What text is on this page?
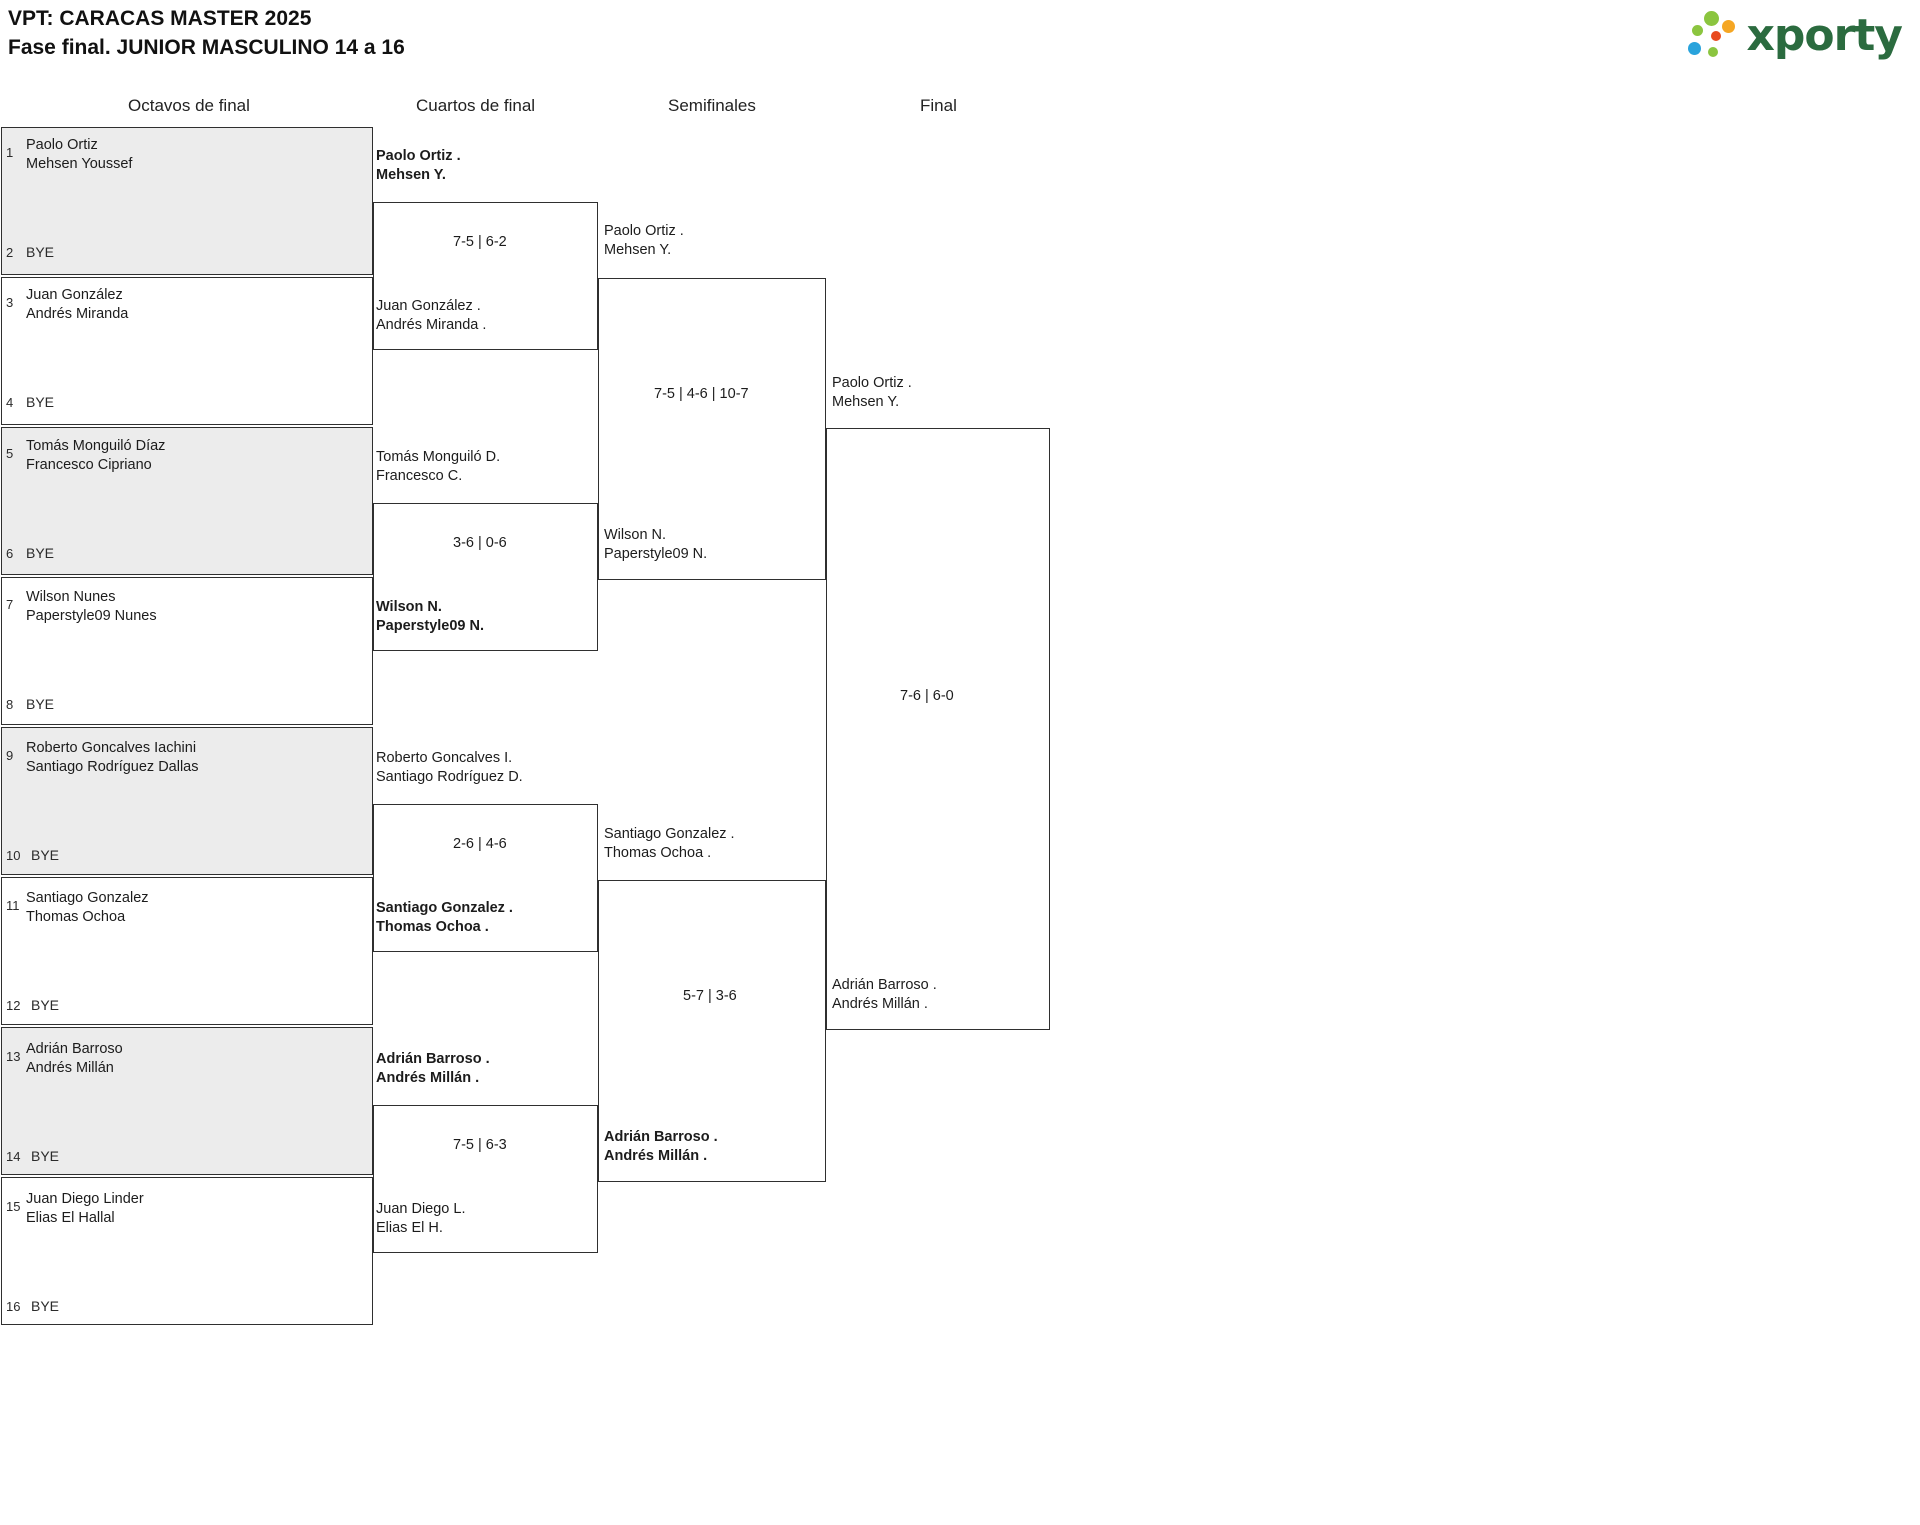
VPT: CARACAS MASTER 2025
Fase final. JUNIOR MASCULINO 14 a 16	xporty
Octavos de final	Cuartos de final	Semifinales	Final
1 Paolo Ortiz
Mehsen Youssef
2 BYE
3 Juan González
Andrés Miranda
4 BYE
5 Tomás Monguiló Díaz
Francesco Cipriano
6 BYE
7 Wilson Nunes
Paperstyle09 Nunes
8 BYE
9 Roberto Goncalves Iachini
Santiago Rodríguez Dallas
10 BYE
11 Santiago Gonzalez
Thomas Ochoa
12 BYE
13 Adrián Barroso
Andrés Millán
14 BYE
15 Juan Diego Linder
Elias El Hallal
16 BYE
Paolo Ortiz .
Mehsen Y.
7-5 | 6-2
Juan González .
Andrés Miranda .
Tomás Monguiló D.
Francesco C.
3-6 | 0-6
Wilson N.
Paperstyle09 N.
Roberto Goncalves I.
Santiago Rodríguez D.
2-6 | 4-6
Santiago Gonzalez .
Thomas Ochoa .
Adrián Barroso .
Andrés Millán .
7-5 | 6-3
Juan Diego L.
Elias El H.
Paolo Ortiz .
Mehsen Y.
7-5 | 4-6 | 10-7
Wilson N.
Paperstyle09 N.
Santiago Gonzalez .
Thomas Ochoa .
5-7 | 3-6
Adrián Barroso .
Andrés Millán .
Paolo Ortiz .
Mehsen Y.
7-6 | 6-0
Adrián Barroso .
Andrés Millán .
